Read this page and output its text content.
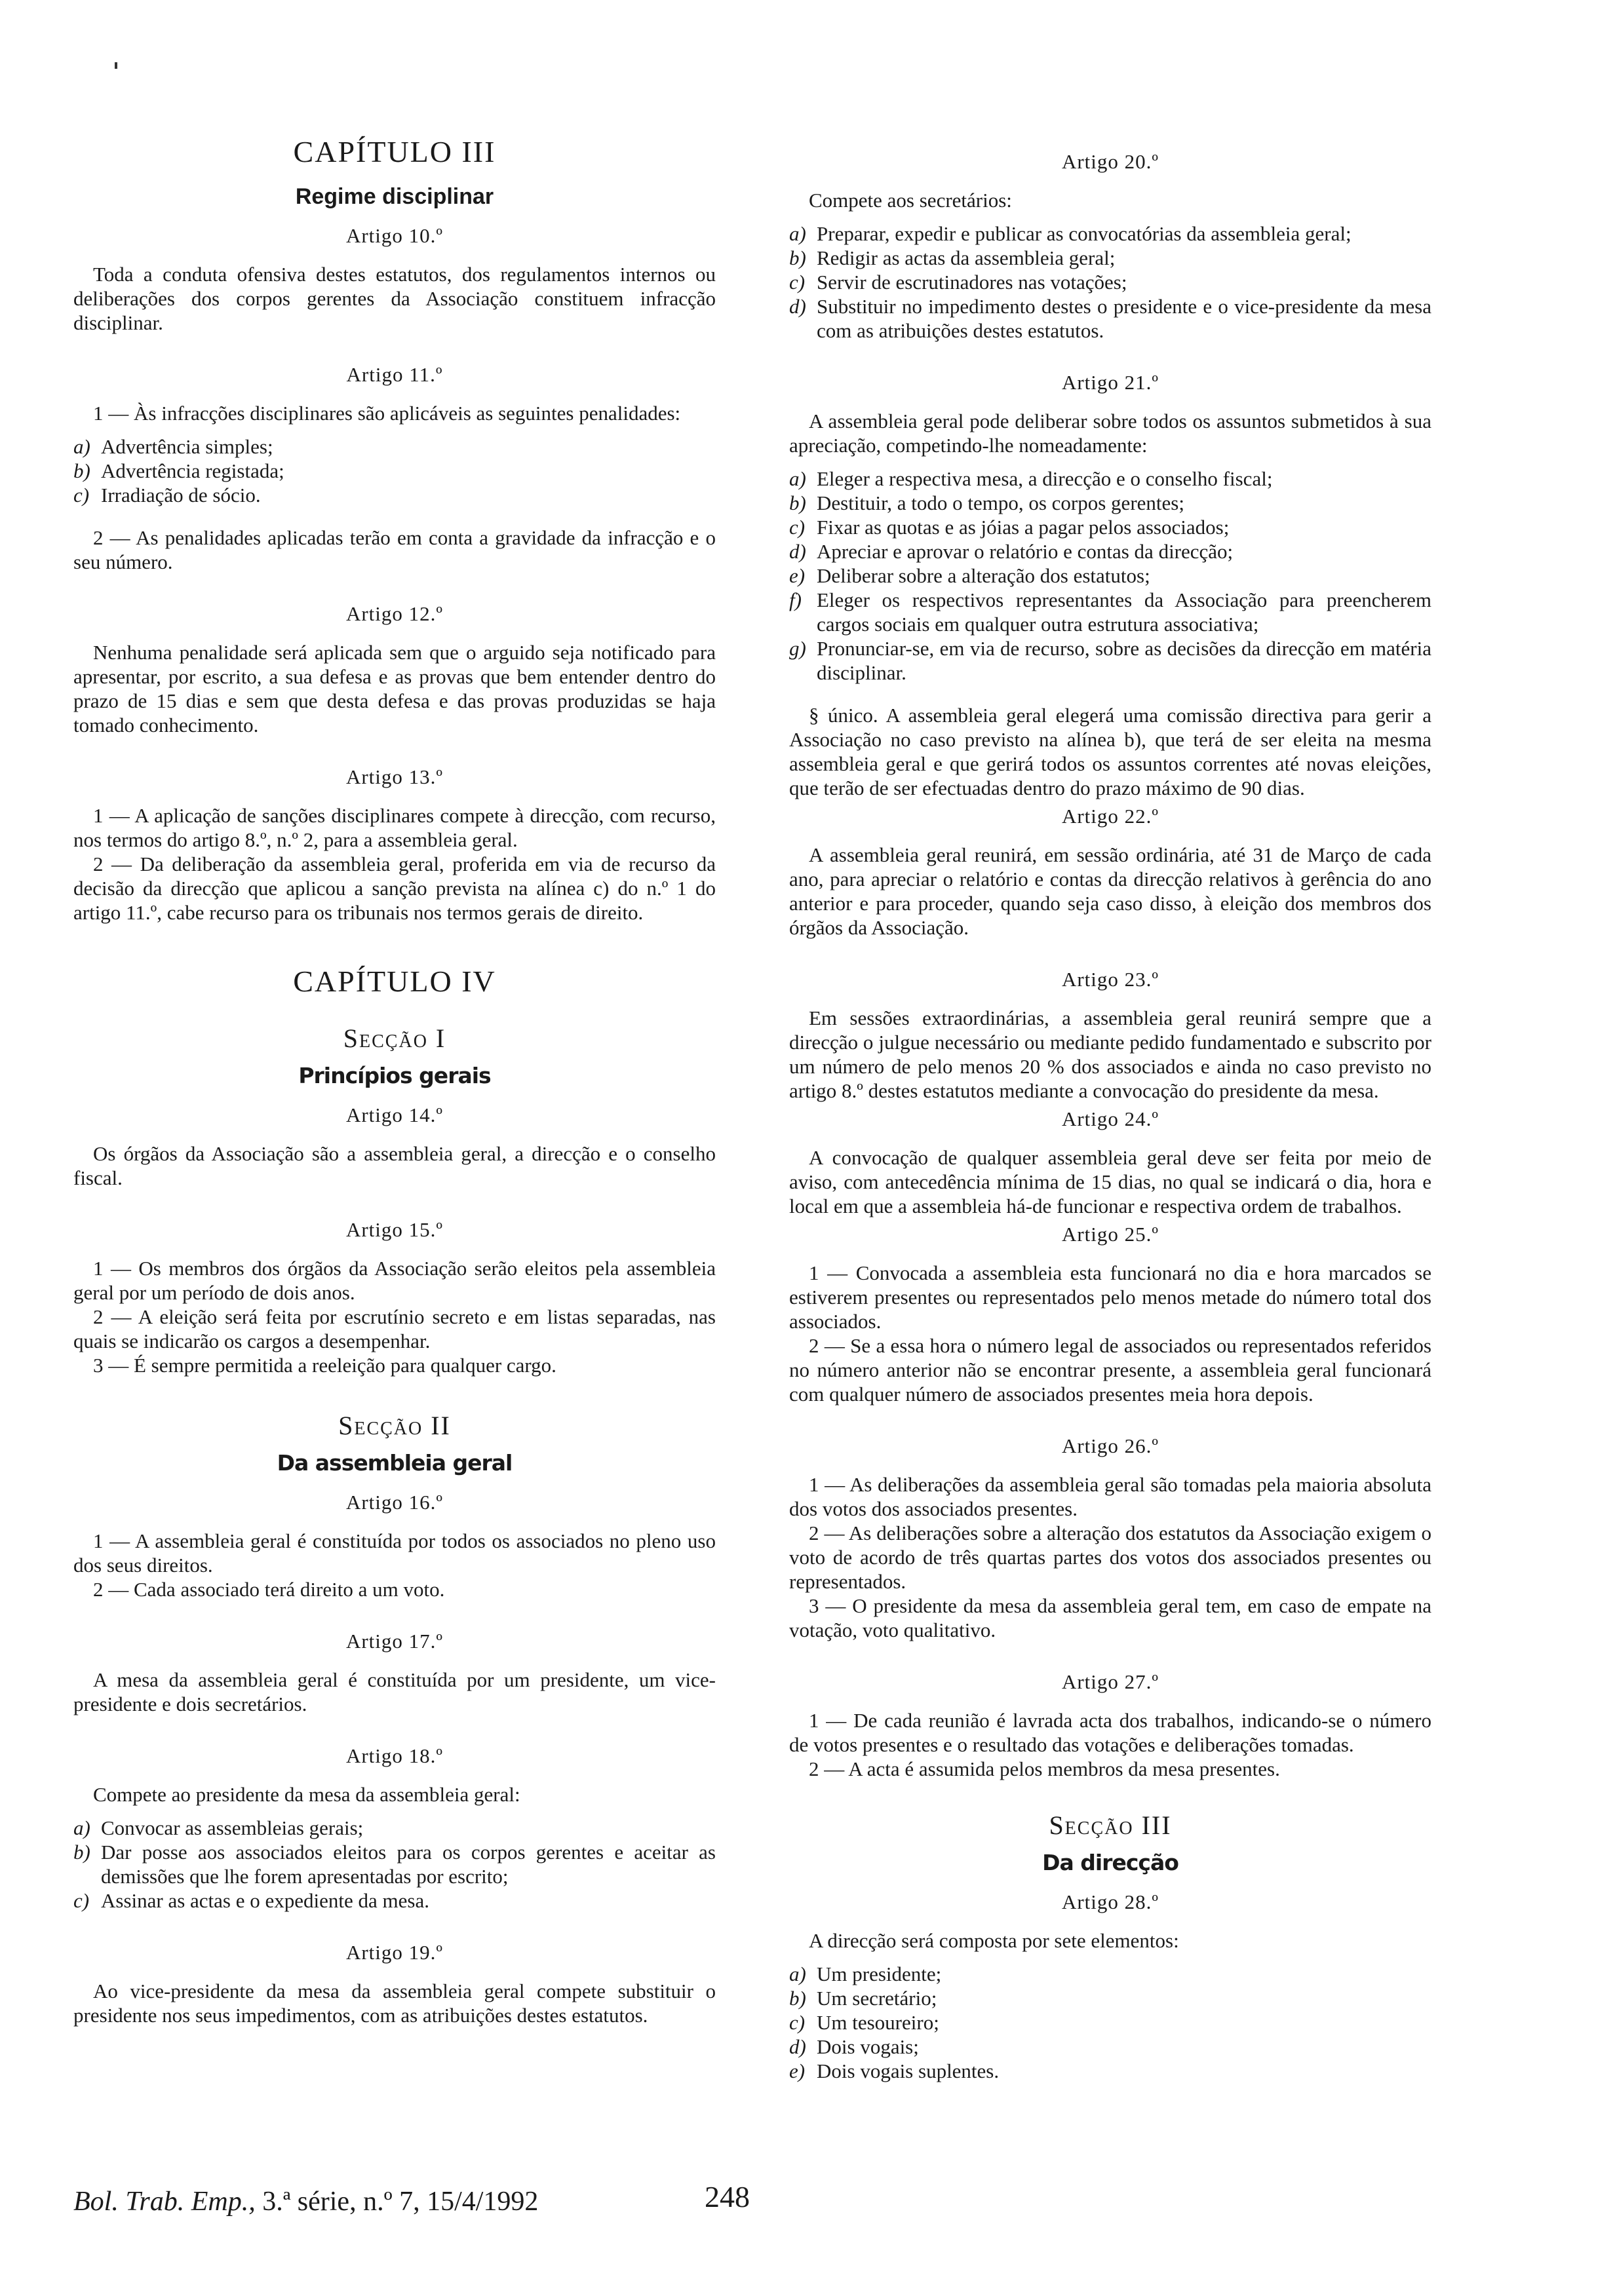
CAPÍTULO III

Regime disciplinar

Artigo 10.º

Toda a conduta ofensiva destes estatutos, dos regulamentos internos ou deliberações dos corpos gerentes da Associação constituem infracção disciplinar.

Artigo 11.º

1 — Às infracções disciplinares são aplicáveis as seguintes penalidades:

a) Advertência simples;
b) Advertência registada;
c) Irradiação de sócio.

2 — As penalidades aplicadas terão em conta a gravidade da infracção e o seu número.

Artigo 12.º

Nenhuma penalidade será aplicada sem que o arguido seja notificado para apresentar, por escrito, a sua defesa e as provas que bem entender dentro do prazo de 15 dias e sem que desta defesa e das provas produzidas se haja tomado conhecimento.

Artigo 13.º

1 — A aplicação de sanções disciplinares compete à direcção, com recurso, nos termos do artigo 8.º, n.º 2, para a assembleia geral.

2 — Da deliberação da assembleia geral, proferida em via de recurso da decisão da direcção que aplicou a sanção prevista na alínea c) do n.º 1 do artigo 11.º, cabe recurso para os tribunais nos termos gerais de direito.

CAPÍTULO IV

Secção I

Princípios gerais

Artigo 14.º

Os órgãos da Associação são a assembleia geral, a direcção e o conselho fiscal.

Artigo 15.º

1 — Os membros dos órgãos da Associação serão eleitos pela assembleia geral por um período de dois anos.

2 — A eleição será feita por escrutínio secreto e em listas separadas, nas quais se indicarão os cargos a desempenhar.

3 — É sempre permitida a reeleição para qualquer cargo.

Secção II

Da assembleia geral

Artigo 16.º

1 — A assembleia geral é constituída por todos os associados no pleno uso dos seus direitos.

2 — Cada associado terá direito a um voto.

Artigo 17.º

A mesa da assembleia geral é constituída por um presidente, um vice-presidente e dois secretários.

Artigo 18.º

Compete ao presidente da mesa da assembleia geral:

a) Convocar as assembleias gerais;
b) Dar posse aos associados eleitos para os corpos gerentes e aceitar as demissões que lhe forem apresentadas por escrito;
c) Assinar as actas e o expediente da mesa.

Artigo 19.º

Ao vice-presidente da mesa da assembleia geral compete substituir o presidente nos seus impedimentos, com as atribuições destes estatutos.

Artigo 20.º

Compete aos secretários:

a) Preparar, expedir e publicar as convocatórias da assembleia geral;
b) Redigir as actas da assembleia geral;
c) Servir de escrutinadores nas votações;
d) Substituir no impedimento destes o presidente e o vice-presidente da mesa com as atribuições destes estatutos.

Artigo 21.º

A assembleia geral pode deliberar sobre todos os assuntos submetidos à sua apreciação, competindo-lhe nomeadamente:

a) Eleger a respectiva mesa, a direcção e o conselho fiscal;
b) Destituir, a todo o tempo, os corpos gerentes;
c) Fixar as quotas e as jóias a pagar pelos associados;
d) Apreciar e aprovar o relatório e contas da direcção;
e) Deliberar sobre a alteração dos estatutos;
f) Eleger os respectivos representantes da Associação para preencherem cargos sociais em qualquer outra estrutura associativa;
g) Pronunciar-se, em via de recurso, sobre as decisões da direcção em matéria disciplinar.

§ único. A assembleia geral elegerá uma comissão directiva para gerir a Associação no caso previsto na alínea b), que terá de ser eleita na mesma assembleia geral e que gerirá todos os assuntos correntes até novas eleições, que terão de ser efectuadas dentro do prazo máximo de 90 dias.

Artigo 22.º

A assembleia geral reunirá, em sessão ordinária, até 31 de Março de cada ano, para apreciar o relatório e contas da direcção relativos à gerência do ano anterior e para proceder, quando seja caso disso, à eleição dos membros dos órgãos da Associação.

Artigo 23.º

Em sessões extraordinárias, a assembleia geral reunirá sempre que a direcção o julgue necessário ou mediante pedido fundamentado e subscrito por um número de pelo menos 20 % dos associados e ainda no caso previsto no artigo 8.º destes estatutos mediante a convocação do presidente da mesa.

Artigo 24.º

A convocação de qualquer assembleia geral deve ser feita por meio de aviso, com antecedência mínima de 15 dias, no qual se indicará o dia, hora e local em que a assembleia há-de funcionar e respectiva ordem de trabalhos.

Artigo 25.º

1 — Convocada a assembleia esta funcionará no dia e hora marcados se estiverem presentes ou representados pelo menos metade do número total dos associados.

2 — Se a essa hora o número legal de associados ou representados referidos no número anterior não se encontrar presente, a assembleia geral funcionará com qualquer número de associados presentes meia hora depois.

Artigo 26.º

1 — As deliberações da assembleia geral são tomadas pela maioria absoluta dos votos dos associados presentes.

2 — As deliberações sobre a alteração dos estatutos da Associação exigem o voto de acordo de três quartas partes dos votos dos associados presentes ou representados.

3 — O presidente da mesa da assembleia geral tem, em caso de empate na votação, voto qualitativo.

Artigo 27.º

1 — De cada reunião é lavrada acta dos trabalhos, indicando-se o número de votos presentes e o resultado das votações e deliberações tomadas.

2 — A acta é assumida pelos membros da mesa presentes.

Secção III

Da direcção

Artigo 28.º

A direcção será composta por sete elementos:

a) Um presidente;
b) Um secretário;
c) Um tesoureiro;
d) Dois vogais;
e) Dois vogais suplentes.
Bol. Trab. Emp., 3.ª série, n.º 7, 15/4/1992	248
